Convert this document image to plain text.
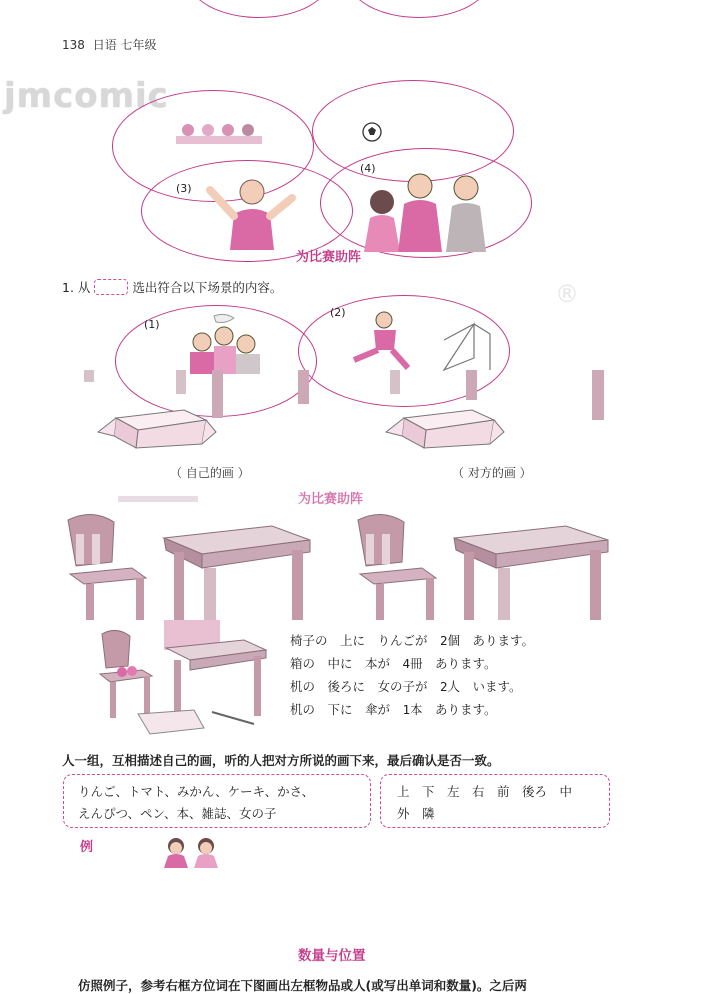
138 日语 七年级
jmcomic
(3)
(4)
为比赛助阵
1. 从	选出符合以下场景的内容。	®
(1)
(2)
（ 自己的画 ）	（ 对方的画 ）
为比赛助阵
椅子の　上に　りんごが　2個　あります。
箱の　中に　本が　4冊　あります。
机の　後ろに　女の子が　2人　います。
机の　下に　傘が　1本　あります。
人一组，互相描述自己的画，听的人把对方所说的画下来，最后确认是否一致。
りんご、トマト、みかん、ケーキ、かさ、
えんぴつ、ペン、本、雑誌、女の子
上　下　左　右　前　後ろ　中
外　隣
例
数量与位置
仿照例子，参考右框方位词在下图画出左框物品或人(或写出单词和数量)。之后两
